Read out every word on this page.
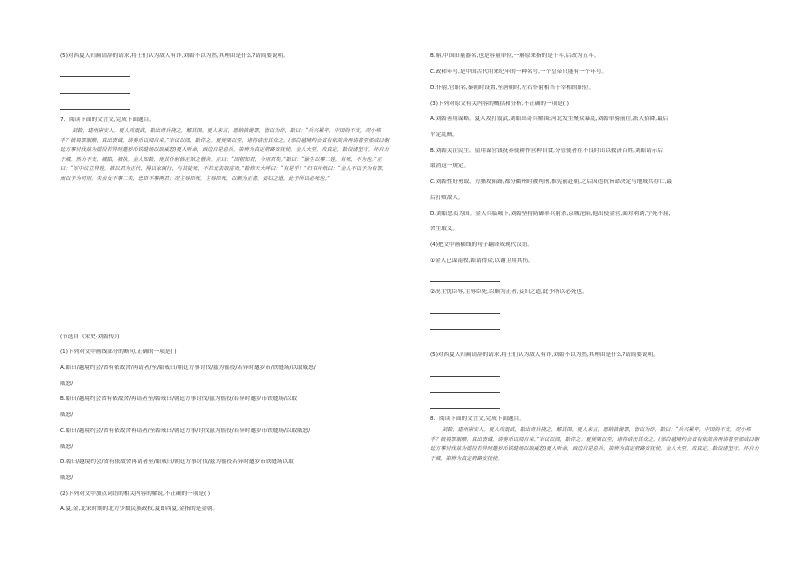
(5)对西夏人归蔺请辞的请求,将士们认为敌人有诈,刘韐不以为然,其理由是什么?请简要说明。
7．阅读下面的文言文,完成下面题目。
刘韐，建州崇安人。夏人攻震武，韐出奇兵挠之，解其围。夏人来言，愿纳款谢罪，皆以为诈，韐曰：“兵兴累年，中国尚不支，况小邦乎？彼畏罪服顺，真出衷诚，请奏币以闻自来。”宰议以闻，韐许之。夏使果以至，诸将请击其众之。(邠白越境约会省有依故舍再请者至邠成曰朝廷方事讨伐兹为徭役若异时邀岁币铁缝场以取威怒)夏人听命，西边自是息兵。第辨为真定府路安抚使。金人大至，攻真定，韐设诸坚守，坏自力于城。然力不支，城陷，被执。金人知韐，使其仆射韩正馆之僧舍。正曰：“国相知君，今用君矣。”韐曰：“偷生以事二姓，有死，不为也。”正曰：“军中议立异姓，欲以君为正代，得以家属行，与其徒死，不若北去取富贵。”韐仰天大呼曰：“有是乎！”归书片纸曰：“金人不以予为有罪，而以予为可用。夫贞女不事二夫，忠臣不事两君；况主辱臣死，主辱臣死，以顺为正者，妾妇之道，此予所以必死也。”
(节选自《宋史·刘韐传》)
(1)下列对文中画线部分的断句,正确的一项是( )
A.韐曰/越境约会/省有依故舍/再请者/至/韐戒曰/朝廷方事讨伐/兹为徭役/若异时邀岁币/铁缝场/以取威怒/
威怒/
B.韐曰/越境约会省有依故舍/再请者至/韐戒曰/朝廷方事讨伐/兹为徭役/若异时邀岁币铁缝场/以取
威怒/
C.韐曰/越境约会/省有依故舍再请者/至韐戒曰/朝廷方事/讨伐兹为徭役/若异时邀岁币铁缝场/以取威怒/
威怒/
D.韐曰/越境约会/省有依故舍再请者至/韐戒曰/朝廷方事讨伐/兹为徭役若异时邀岁币铁缝场以取
威怒/
(2)下列对文中加点词语的相关内容的解说,不正确的一项是( )
A.夏,金,北宋时期的北方少数民族政权,夏即西夏,金指的是金朝。
B.斛,中国旧量器名,也是容量单位,一斛原来指的是十斗,后改为五斗。
C.政和年号,是中国古代用来纪年的一种名号,一个皇帝只能有一个年号。
D.仆射,官职名,秦朝时设置,至唐朝时,左右仆射相当于宰相的职位。
(3)下列对原文有关内容的概括和分析,不正确的一项是( )
A.刘韐善用谋略。夏人攻打震武,刘韐出奇兵解围;河北发生聚众暴乱,刘韐单骑前往,派人招降,最后
平定乱贼。
B.刘韐关注民生。留用谋官钱抚养使耕作营种自食,分管使者在不良时出以救济百姓,刘韐请示后
取消这一规定。
C.刘韐性好勇取。方腊攻陷路,都分衢州时被判刑,推宪前赴朝,之后因违抗旨命决定与地域共存亡,最
后打败敌人。
D.刘韐忠贞为国。金人兵临城下,刘韐坚持防御率兵射杀,京城沦陷,他出使金营,面对利诱,宁死不屈,
舍生取义。
(4)把文中画横线的句子翻译成现代汉语。
①金人已谋南牧,韐请得众,以谢卫用其伤。
②况主忧臣辱,主辱臣死,以顺为正者,妾妇之道,此予所以必死也。
(5)对西夏人归蔺请辞的请求,将士们认为敌人有诈,刘韐不以为然,其理由是什么?请简要说明。
8．阅读下面的文言文,完成下面题目。
刘韐，建州崇安人。夏人攻震武，韐出奇兵挠之，解其围。夏人来言，愿纳款谢罪，皆以为诈，韐曰：“兵兴累年，中国尚不支，况小邦乎？彼畏罪服顺，真出衷诚，请奏币以闻自来。”宰议以闻，韐许之。夏使果以至，诸将请击其众之。(邠白越境约会省有依故舍再请者至邠成曰朝廷方事讨伐兹为徭役若异时邀岁币铁缝场以取威怒)夏人听命，西边自是息兵。第辨为真定府路安抚使。金人大至，攻真定，韐设诸坚守，坏自力于城。第辨为真定府路安抚使。
